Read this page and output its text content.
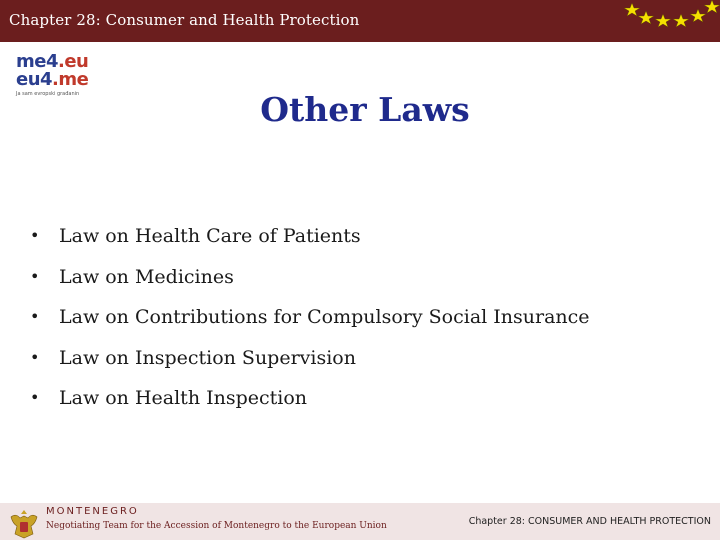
Chapter 28: Consumer and Health Protection
me4.eu
eu4.me
Ja sam evropski građanin	Other Laws
• Law on Health Care of Patients
• Law on Medicines
• Law on Contributions for Compulsory Social Insurance
• Law on Inspection Supervision
• Law on Health Inspection
MONTENEGRO
Negotiating Team for the Accession of Montenegro to the European Union	Chapter 28: CONSUMER AND HEALTH PROTECTION
